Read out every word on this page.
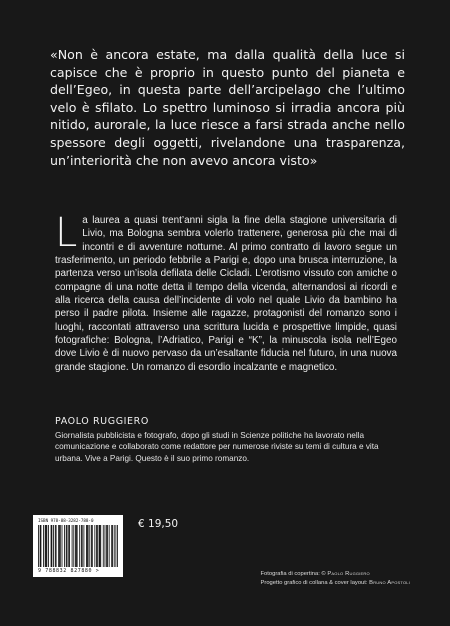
«Non è ancora estate, ma dalla qualità della luce si capisce che è proprio in questo punto del pianeta e dell’Egeo, in questa parte dell’arcipelago che l’ultimo velo è sfilato. Lo spettro luminoso si irradia ancora più nitido, aurorale, la luce riesce a farsi strada anche nello spessore degli oggetti, rivelandone una trasparenza, un’interiorità che non avevo ancora visto»

La laurea a quasi trent’anni sigla la fine della stagione universitaria di Livio, ma Bologna sembra volerlo trattenere, generosa più che mai di incontri e di avventure notturne. Al primo contratto di lavoro segue un trasferimento, un periodo febbrile a Parigi e, dopo una brusca interruzione, la partenza verso un’isola defilata delle Cicladi. L’erotismo vissuto con amiche o compagne di una notte detta il tempo della vicenda, alternandosi ai ricordi e alla ricerca della causa dell’incidente di volo nel quale Livio da bambino ha perso il padre pilota. Insieme alle ragazze, protagonisti del romanzo sono i luoghi, raccontati attraverso una scrittura lucida e prospettive limpide, quasi fotografiche: Bologna, l’Adriatico, Parigi e “K”, la minuscola isola nell’Egeo dove Livio è di nuovo pervaso da un’esaltante fiducia nel futuro, in una nuova grande stagione. Un romanzo di esordio incalzante e magnetico.

PAOLO RUGGIERO

Giornalista pubblicista e fotografo, dopo gli studi in Scienze politiche ha lavorato nella comunicazione e collaborato come redattore per numerose riviste su temi di cultura e vita urbana. Vive a Parigi. Questo è il suo primo romanzo.

ISBN 978-88-3282-788-0

9 788832 827880 >

€ 19,50
Fotografia di copertina: © Paolo Ruggiero
Progetto grafico di collana & cover layout: Bruno Apostoli
